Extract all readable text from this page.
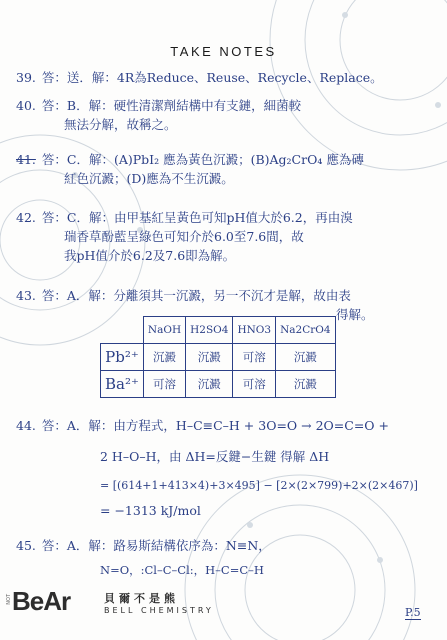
TAKE NOTES
39. 答：送．解：4R為Reduce、Reuse、Recycle、Replace。
40. 答：B．解：硬性清潔劑結構中有支鏈，細菌較
無法分解，故稱之。
41. 答：C．解：(A)PbI₂ 應為黃色沉澱；(B)Ag₂CrO₄ 應為磚
紅色沉澱；(D)應為不生沉澱。
42. 答：C．解：由甲基紅呈黃色可知pH值大於6.2，再由溴
瑞香草酚藍呈綠色可知介於6.0至7.6間，故
我pH值介於6.2及7.6即為解。
43. 答：A．解：分離須其一沉澱，另一不沉才是解，故由表
得解。
	NaOH	H2SO4	HNO3	Na2CrO4
Pb²⁺	沉澱	沉澱	可溶	沉澱
Ba²⁺	可溶	沉澱	可溶	沉澱
44. 答：A．解：由方程式，H–C≡C–H + 3O=O → 2O=C=O +
2 H–O–H，由 ΔH=反鍵−生鍵 得解 ΔH
= [(614+1+413×4)+3×495] − [2×(2×799)+2×(2×467)]
= −1313 kJ/mol
45. 答：A．解：路易斯結構依序為：N≡N，
N=O，:Cl–C–Cl:，H–C=C–H
NOT BeAr	貝爾不是熊
BELL CHEMISTRY	P.5
